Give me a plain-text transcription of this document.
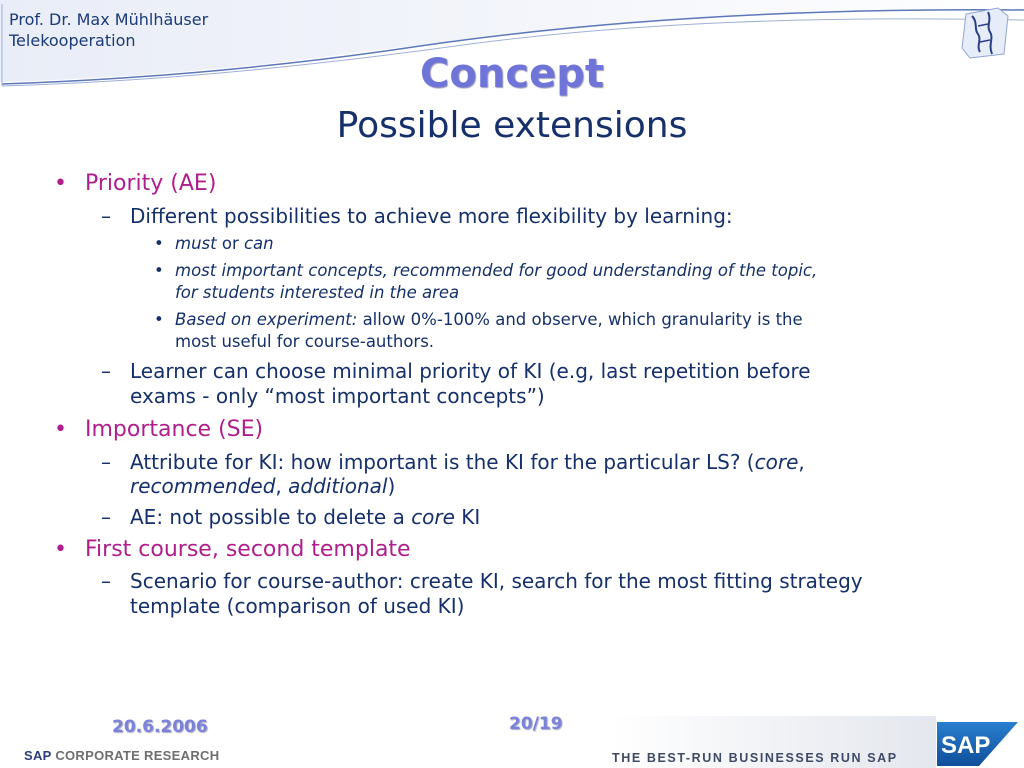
Prof. Dr. Max Mühlhäuser
Telekooperation
Concept
Possible extensions
• Priority (AE)
– Different possibilities to achieve more flexibility by learning:
• must or can
• most important concepts, recommended for good understanding of the topic,
for students interested in the area
• Based on experiment: allow 0%-100% and observe, which granularity is the
most useful for course-authors.
– Learner can choose minimal priority of KI (e.g, last repetition before
exams - only “most important concepts”)
• Importance (SE)
– Attribute for KI: how important is the KI for the particular LS? (core,
recommended, additional)
– AE: not possible to delete a core KI
• First course, second template
– Scenario for course-author: create KI, search for the most fitting strategy
template (comparison of used KI)
20.6.2006	20/19
SAP CORPORATE RESEARCH	THE BEST-RUN BUSINESSES RUN SAP SAP
